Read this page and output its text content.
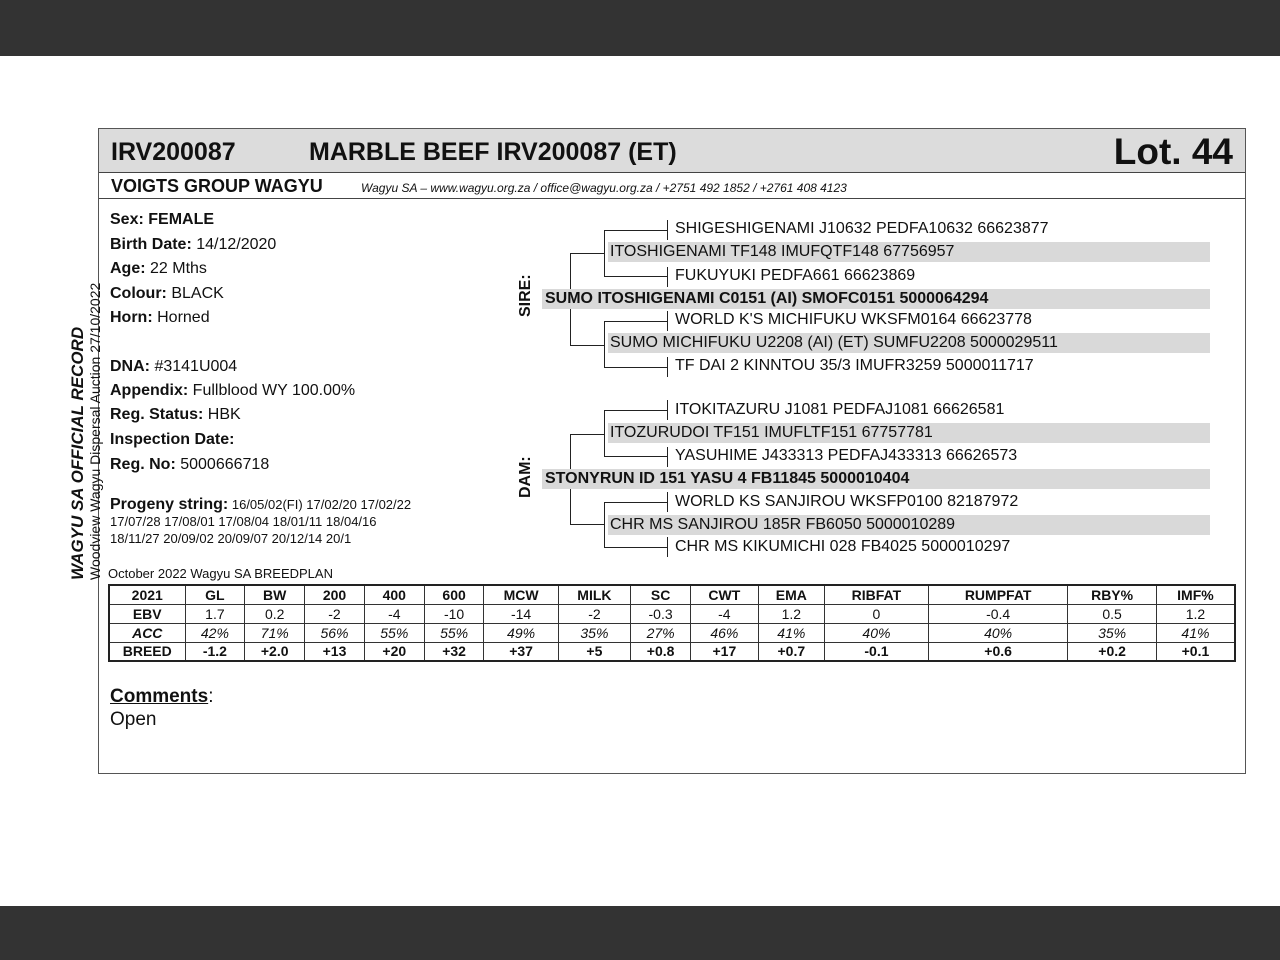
IRV200087	MARBLE BEEF IRV200087 (ET)	Lot. 44
VOIGTS GROUP WAGYU	Wagyu SA – www.wagyu.org.za / office@wagyu.org.za / +2751 492 1852 / +2761 408 4123
WAGYU SA OFFICIAL RECORD Woodview Wagyu Dispersal Auction 27/10/2022
Sex: FEMALE
Birth Date: 14/12/2020
Age: 22 Mths
Colour: BLACK
Horn: Horned
DNA: #3141U004
Appendix: Fullblood WY 100.00%
Reg. Status: HBK
Inspection Date:
Reg. No: 5000666718
Progeny string: 16/05/02(FI) 17/02/20 17/02/22
17/07/28 17/08/01 17/08/04 18/01/11 18/04/16
18/11/27 20/09/02 20/09/07 20/12/14 20/1
SIRE:
DAM:
SHIGESHIGENAMI J10632 PEDFA10632 66623877
ITOSHIGENAMI TF148 IMUFQTF148 67756957
FUKUYUKI PEDFA661 66623869
SUMO ITOSHIGENAMI C0151 (AI) SMOFC0151 5000064294
WORLD K'S MICHIFUKU WKSFM0164 66623778
SUMO MICHIFUKU U2208 (AI) (ET) SUMFU2208 5000029511
TF DAI 2 KINNTOU 35/3 IMUFR3259 5000011717
ITOKITAZURU J1081 PEDFAJ1081 66626581
ITOZURUDOI TF151 IMUFLTF151 67757781
YASUHIME J433313 PEDFAJ433313 66626573
STONYRUN ID 151 YASU 4 FB11845 5000010404
WORLD KS SANJIROU WKSFP0100 82187972
CHR MS SANJIROU 185R FB6050 5000010289
CHR MS KIKUMICHI 028 FB4025 5000010297
October 2022 Wagyu SA BREEDPLAN
2021	GL	BW	200	400	600	MCW	MILK	SC	CWT	EMA	RIBFAT	RUMPFAT	RBY%	IMF%
EBV	1.7	0.2	-2	-4	-10	-14	-2	-0.3	-4	1.2	0	-0.4	0.5	1.2
ACC	42%	71%	56%	55%	55%	49%	35%	27%	46%	41%	40%	40%	35%	41%
BREED	-1.2	+2.0	+13	+20	+32	+37	+5	+0.8	+17	+0.7	-0.1	+0.6	+0.2	+0.1
Comments:
Open
